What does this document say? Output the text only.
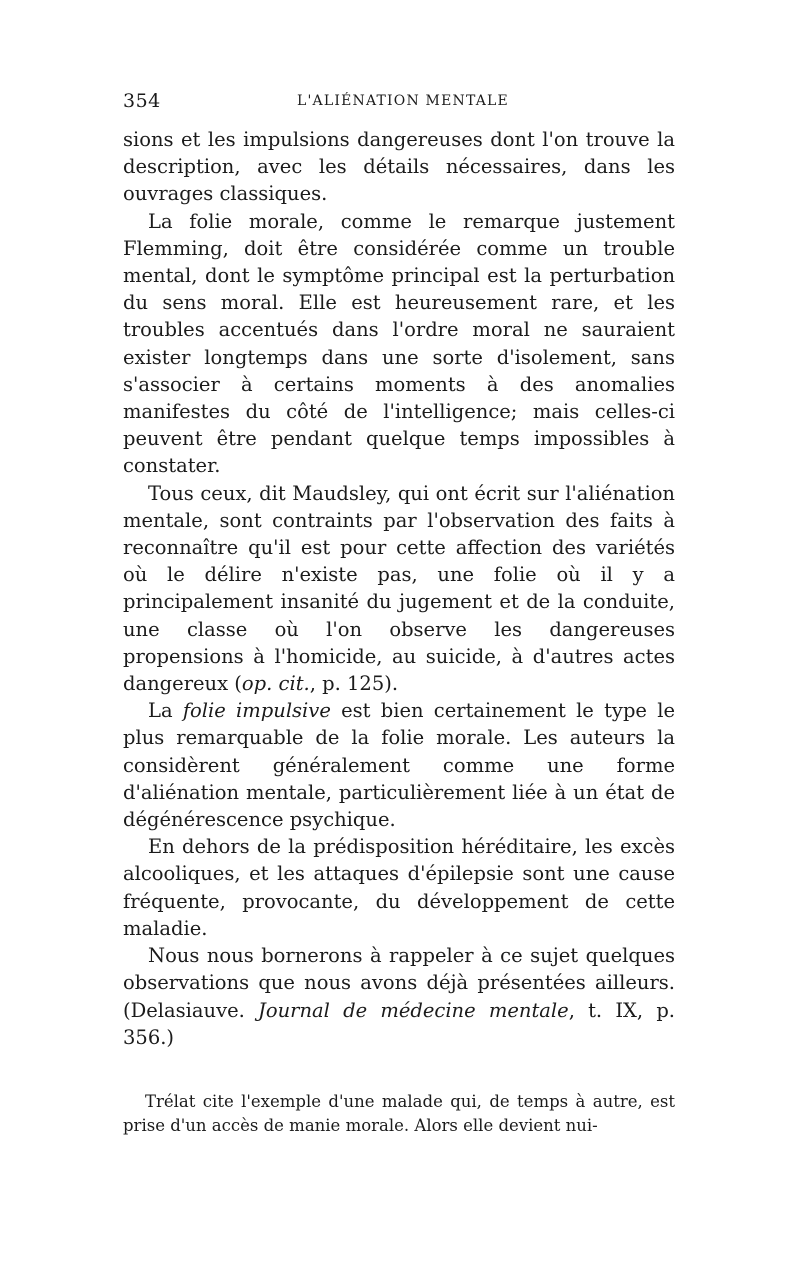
354	L'ALIÉNATION MENTALE

sions et les impulsions dangereuses dont l'on trouve la description, avec les détails nécessaires, dans les ouvrages classiques.

La folie morale, comme le remarque justement Flemming, doit être considérée comme un trouble mental, dont le symptôme principal est la perturbation du sens moral. Elle est heureusement rare, et les troubles accentués dans l'ordre moral ne sauraient exister longtemps dans une sorte d'isolement, sans s'associer à certains moments à des anomalies manifestes du côté de l'intelligence; mais celles-ci peuvent être pendant quelque temps impossibles à constater.

Tous ceux, dit Maudsley, qui ont écrit sur l'aliénation mentale, sont contraints par l'observation des faits à reconnaître qu'il est pour cette affection des variétés où le délire n'existe pas, une folie où il y a principalement insanité du jugement et de la conduite, une classe où l'on observe les dangereuses propensions à l'homicide, au suicide, à d'autres actes dangereux (op. cit., p. 125).

La folie impulsive est bien certainement le type le plus remarquable de la folie morale. Les auteurs la considèrent généralement comme une forme d'aliénation mentale, particulièrement liée à un état de dégénérescence psychique.

En dehors de la prédisposition héréditaire, les excès alcooliques, et les attaques d'épilepsie sont une cause fréquente, provocante, du développement de cette maladie.

Nous nous bornerons à rappeler à ce sujet quelques observations que nous avons déjà présentées ailleurs. (Delasiauve. Journal de médecine mentale, t. IX, p. 356.)

Trélat cite l'exemple d'une malade qui, de temps à autre, est prise d'un accès de manie morale. Alors elle devient nui-
